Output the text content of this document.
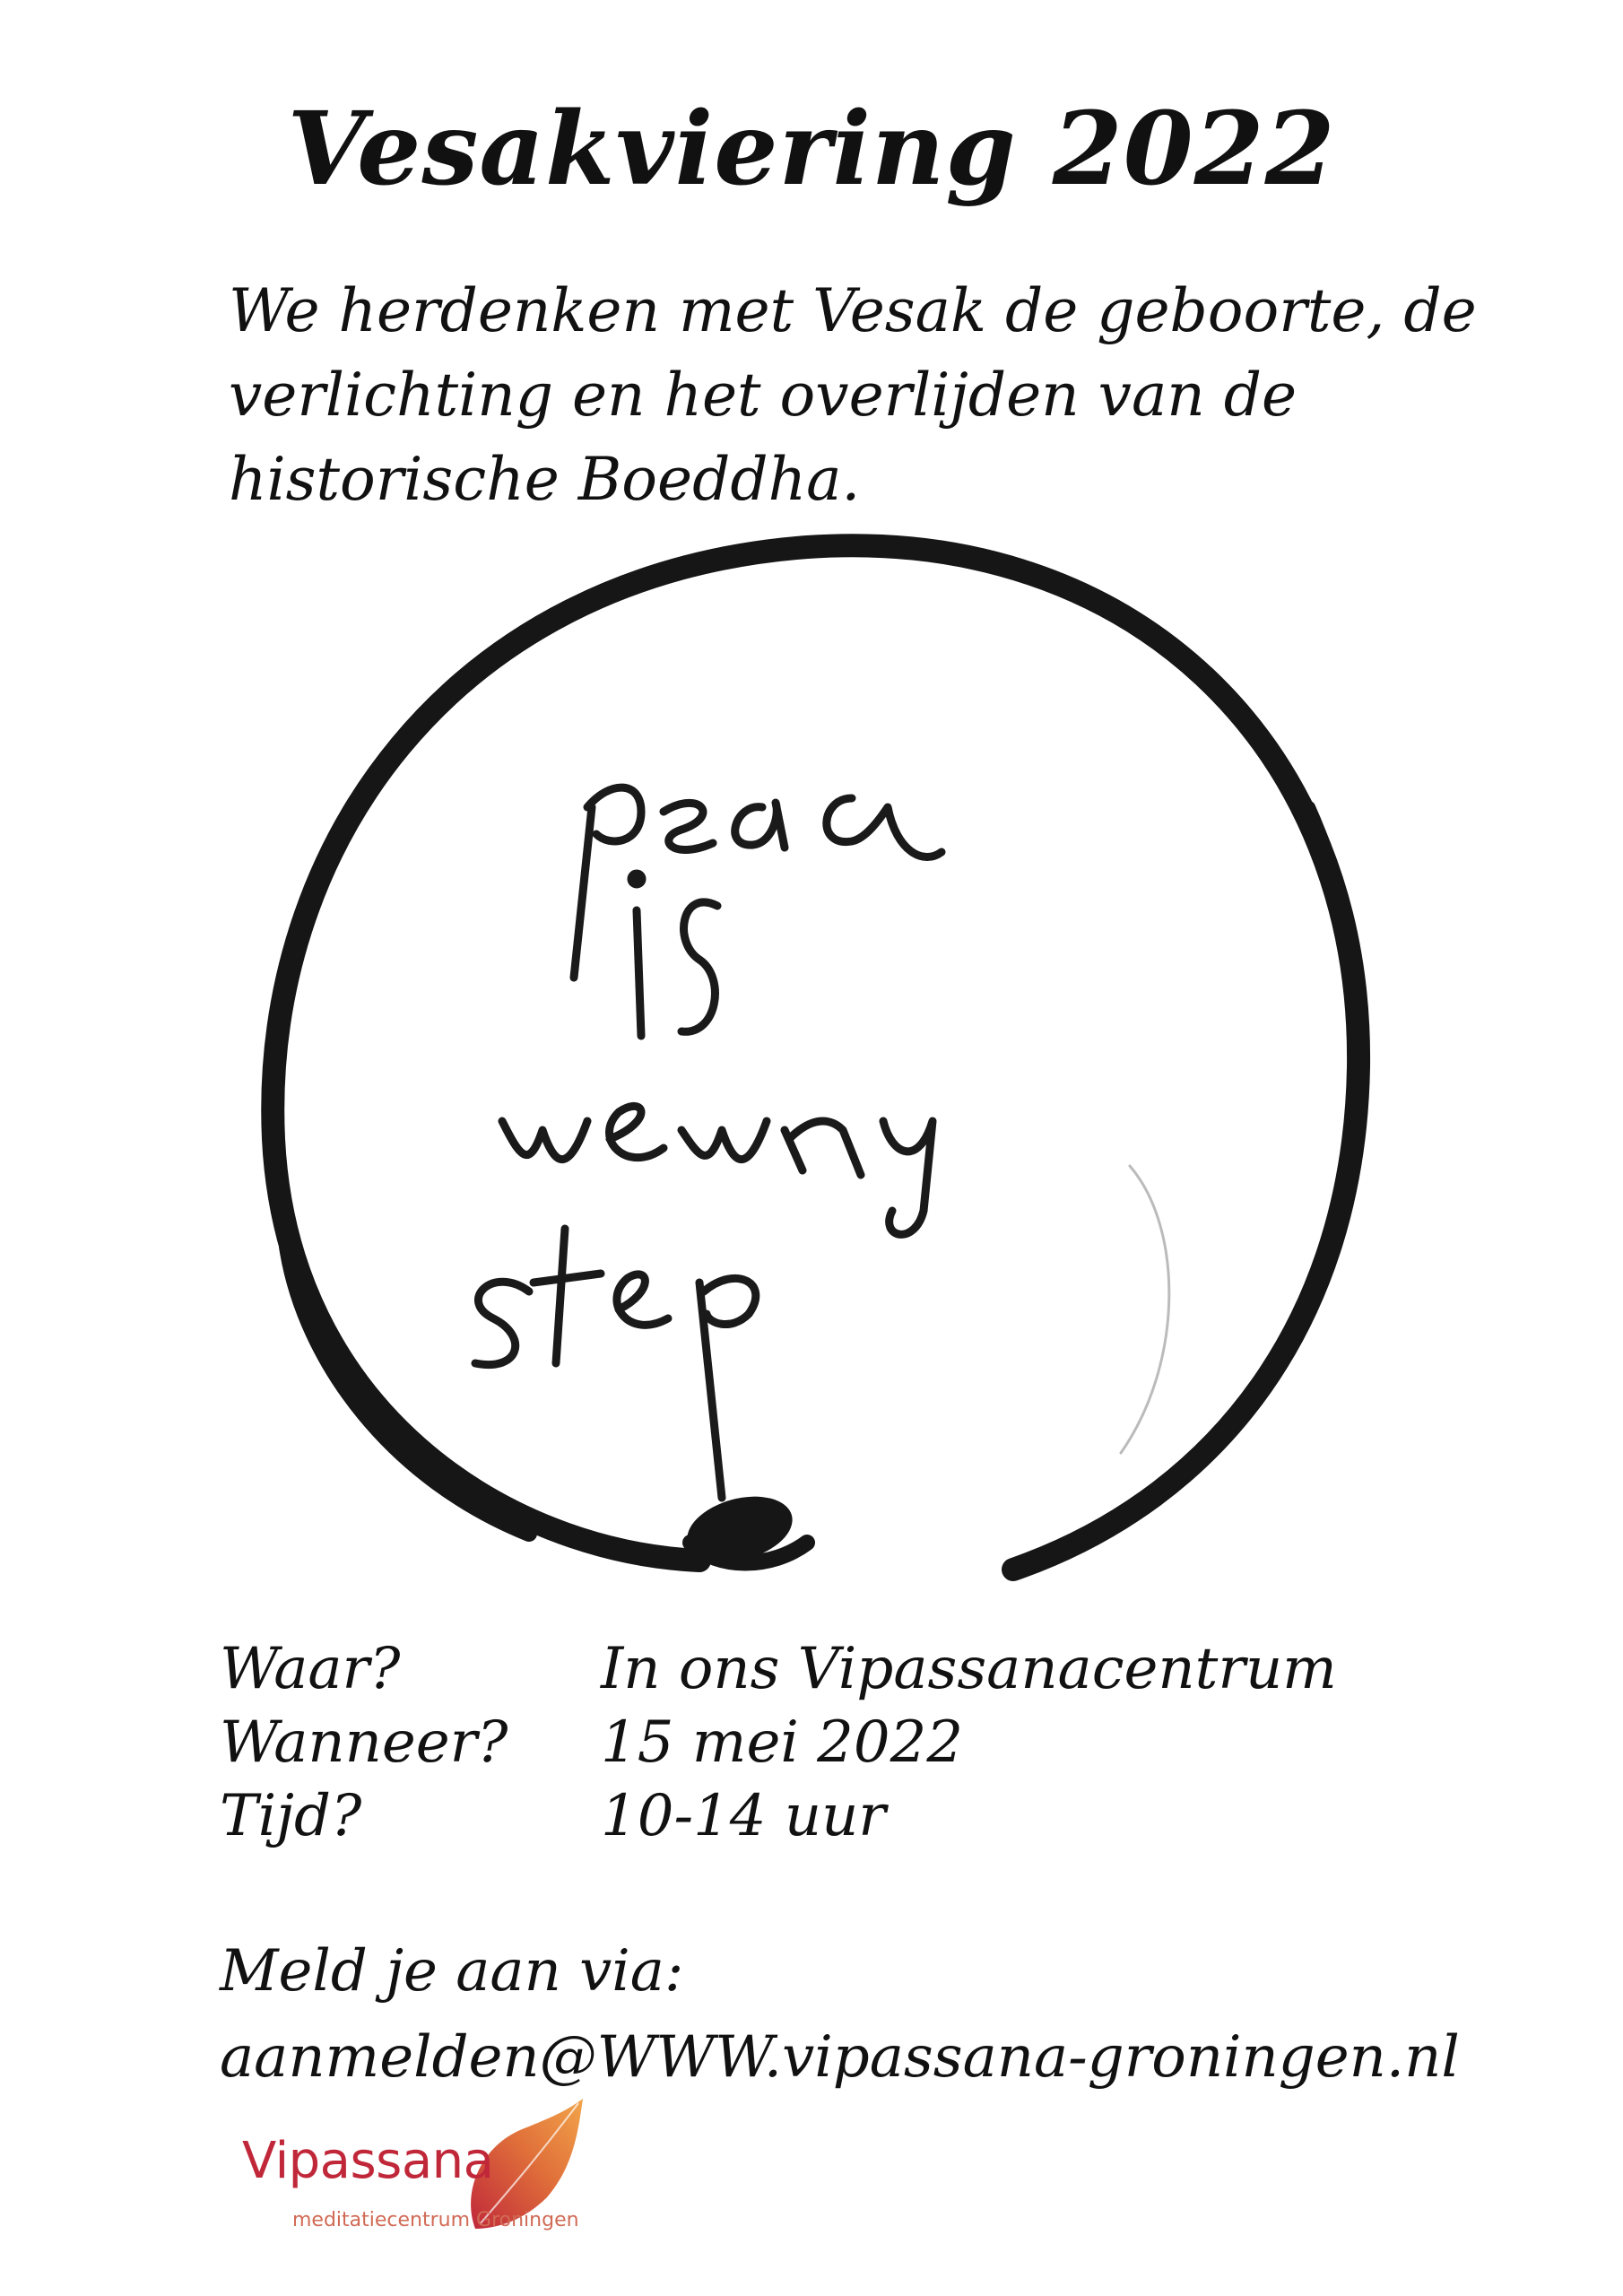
Vesakviering 2022

We herdenken met Vesak de geboorte, de verlichting en het overlijden van de historische Boeddha.

Waar?	In ons Vipassanacentrum
Wanneer?	15 mei 2022
Tijd?	10-14 uur
Meld je aan via:
aanmelden@WWW.vipassana-groningen.nl
Vipassana
meditatiecentrum Groningen
